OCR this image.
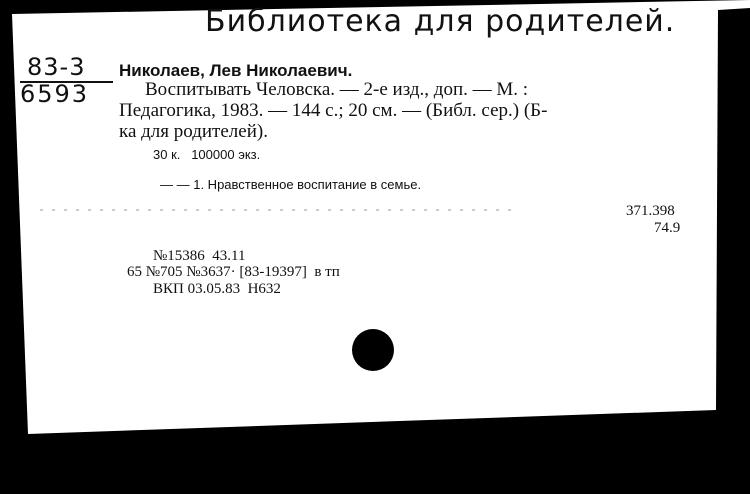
Библиотека для родителей.
83-3
6593
Николаев, Лев Николаевич.
Воспитывать Человска. — 2-е изд., доп. — М. :
Педагогика, 1983. — 144 с.; 20 см. — (Библ. сер.) (Б-
ка для родителей).
30 к.   100000 экз.
— — 1. Нравственное воспитание в семье.
371.398
74.9
№15386  43.11
65 №705 №3637· [83-19397]  в тп
ВКП 03.05.83  Н632
